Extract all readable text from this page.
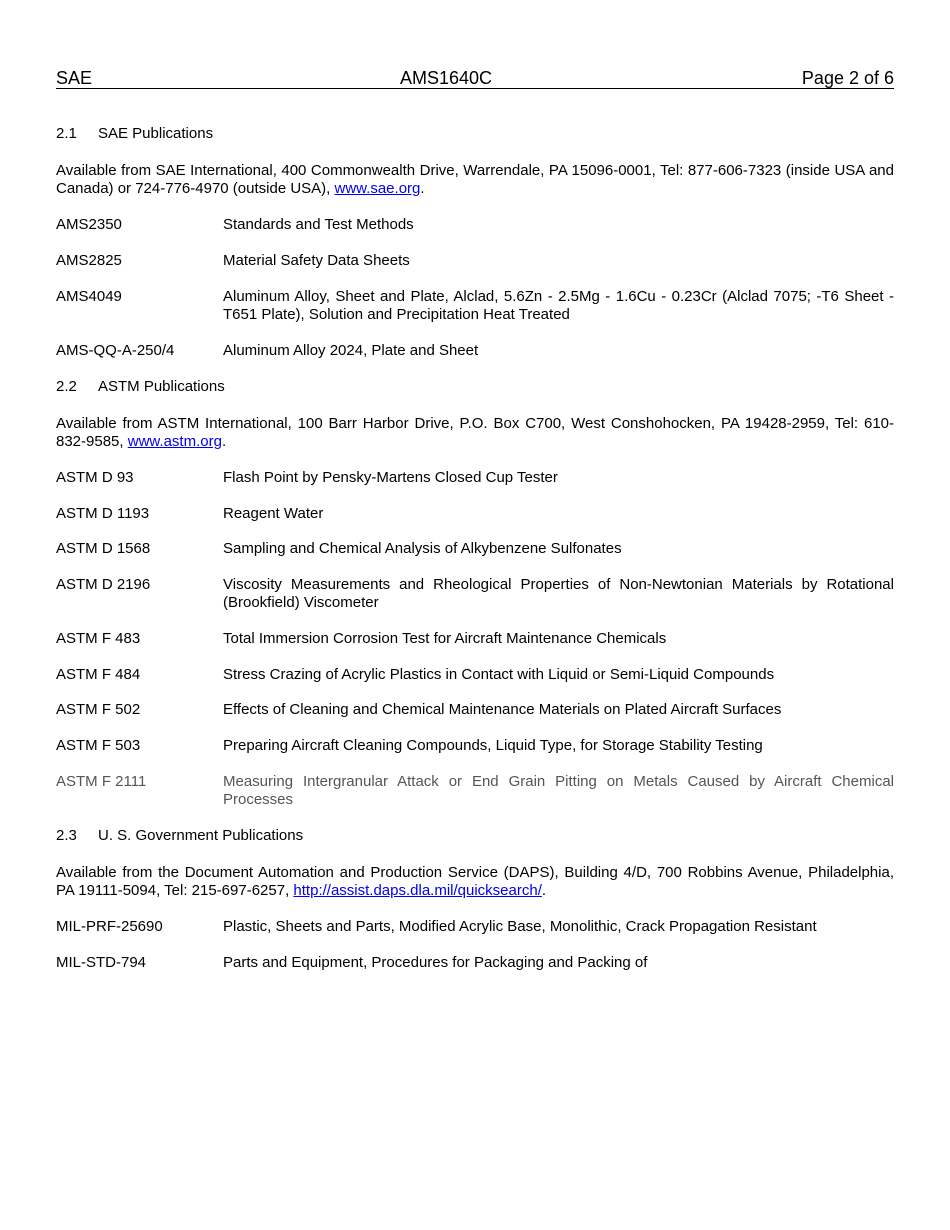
SAE	AMS1640C	Page 2 of 6
2.1 SAE Publications
Available from SAE International, 400 Commonwealth Drive, Warrendale, PA 15096-0001, Tel: 877-606-7323 (inside USA and Canada) or 724-776-4970 (outside USA), www.sae.org.
AMS2350	Standards and Test Methods
AMS2825	Material Safety Data Sheets
AMS4049	Aluminum Alloy, Sheet and Plate, Alclad, 5.6Zn - 2.5Mg - 1.6Cu - 0.23Cr (Alclad 7075; -T6 Sheet -T651 Plate), Solution and Precipitation Heat Treated
AMS-QQ-A-250/4	Aluminum Alloy 2024, Plate and Sheet
2.2 ASTM Publications
Available from ASTM International, 100 Barr Harbor Drive, P.O. Box C700, West Conshohocken, PA 19428-2959, Tel: 610-832-9585, www.astm.org.
ASTM D 93	Flash Point by Pensky-Martens Closed Cup Tester
ASTM D 1193	Reagent Water
ASTM D 1568	Sampling and Chemical Analysis of Alkybenzene Sulfonates
ASTM D 2196	Viscosity Measurements and Rheological Properties of Non-Newtonian Materials by Rotational (Brookfield) Viscometer
ASTM F 483	Total Immersion Corrosion Test for Aircraft Maintenance Chemicals
ASTM F 484	Stress Crazing of Acrylic Plastics in Contact with Liquid or Semi-Liquid Compounds
ASTM F 502	Effects of Cleaning and Chemical Maintenance Materials on Plated Aircraft Surfaces
ASTM F 503	Preparing Aircraft Cleaning Compounds, Liquid Type, for Storage Stability Testing
ASTM F 2111	Measuring Intergranular Attack or End Grain Pitting on Metals Caused by Aircraft Chemical Processes
2.3 U. S. Government Publications
Available from the Document Automation and Production Service (DAPS), Building 4/D, 700 Robbins Avenue, Philadelphia, PA 19111-5094, Tel: 215-697-6257, http://assist.daps.dla.mil/quicksearch/.
MIL-PRF-25690	Plastic, Sheets and Parts, Modified Acrylic Base, Monolithic, Crack Propagation Resistant
MIL-STD-794	Parts and Equipment, Procedures for Packaging and Packing of
